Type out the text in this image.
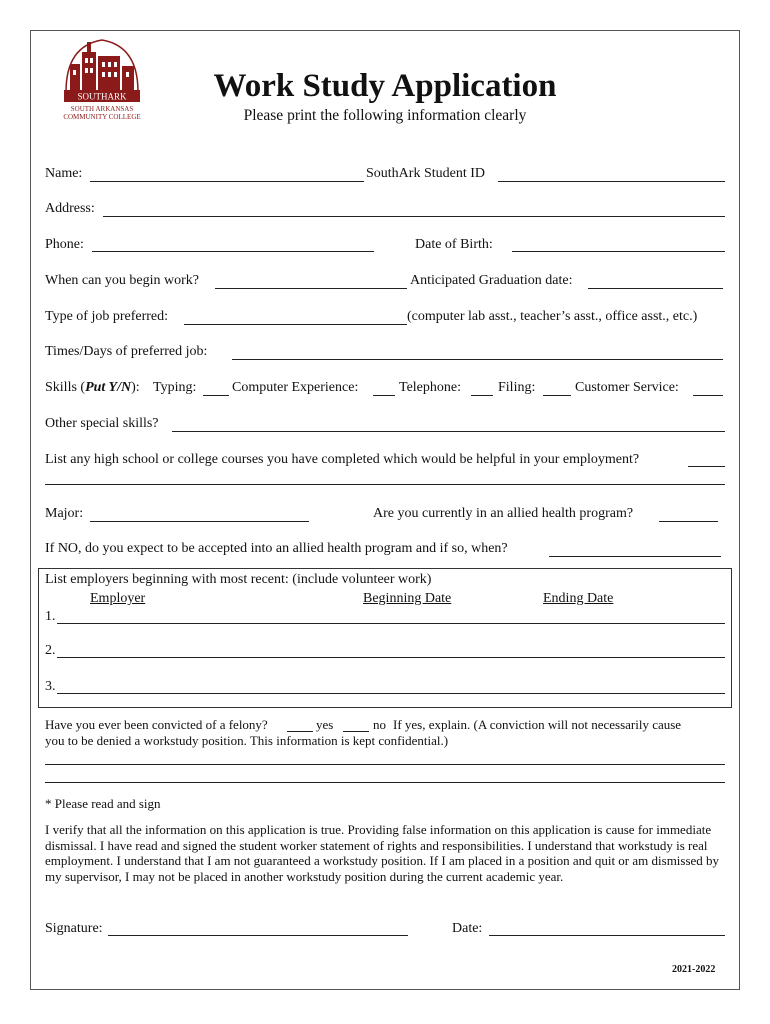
SOUTHARK
SOUTH ARKANSAS
COMMUNITY COLLEGE
Work Study Application
Please print the following information clearly
Name:	SouthArk Student ID
Address:
Phone:	Date of Birth:
When can you begin work?	Anticipated Graduation date:
Type of job preferred:	(computer lab asst., teacher’s asst., office asst., etc.)
Times/Days of preferred job:
Skills (Put Y/N): Typing:	Computer Experience:	Telephone:	Filing:	Customer Service:
Other special skills?
List any high school or college courses you have completed which would be helpful in your employment?
Major:	Are you currently in an allied health program?
If NO, do you expect to be accepted into an allied health program and if so, when?
List employers beginning with most recent: (include volunteer work)
Employer	Beginning Date	Ending Date
1.
2.
3.
Have you ever been convicted of a felony?	yes	no If yes, explain. (A conviction will not necessarily cause
you to be denied a workstudy position. This information is kept confidential.)
* Please read and sign
I verify that all the information on this application is true. Providing false information on this application is cause for immediate dismissal. I have read and signed the student worker statement of rights and responsibilities. I understand that workstudy is real employment. I understand that I am not guaranteed a workstudy position. If I am placed in a position and quit or am dismissed by my supervisor, I may not be placed in another workstudy position during the current academic year.
Signature:	Date:
2021-2022
